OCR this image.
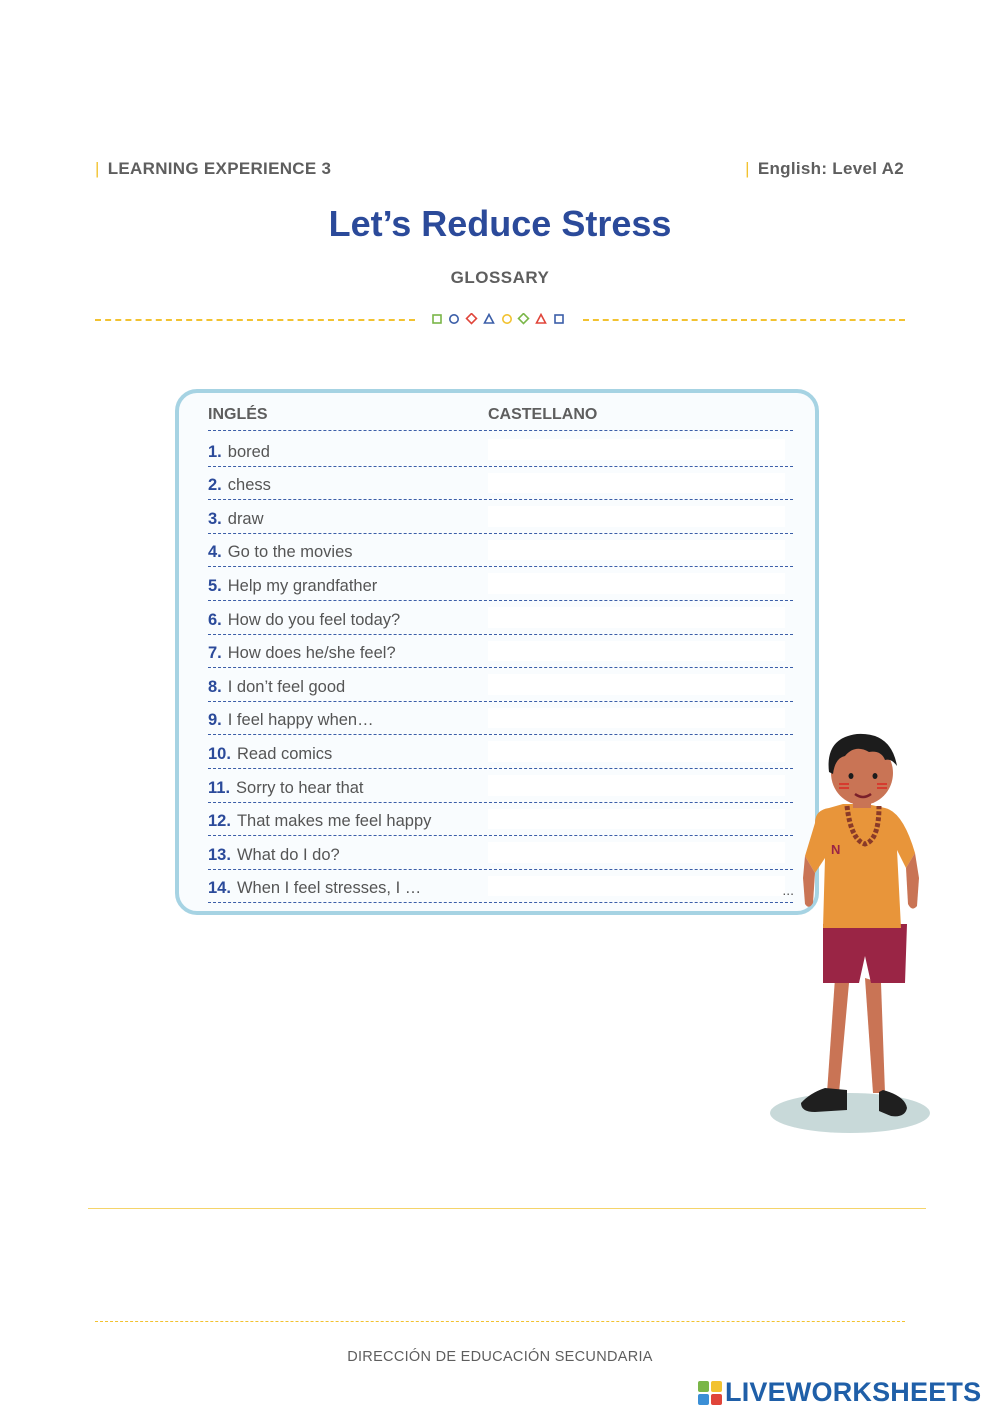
| LEARNING EXPERIENCE 3	| English: Level A2
Let’s Reduce Stress
GLOSSARY
INGLÉS	CASTELLANO
1. bored
2. chess
3. draw
4. Go to the movies
5. Help my grandfather
6. How do you feel today?
7. How does he/she feel?
8. I don’t feel good
9. I feel happy when…
10. Read comics
11. Sorry to hear that
12. That makes me feel happy
13. What do I do?
14. When I feel stresses, I …	...
N
DIRECCIÓN DE EDUCACIÓN SECUNDARIA
LIVEWORKSHEETS
